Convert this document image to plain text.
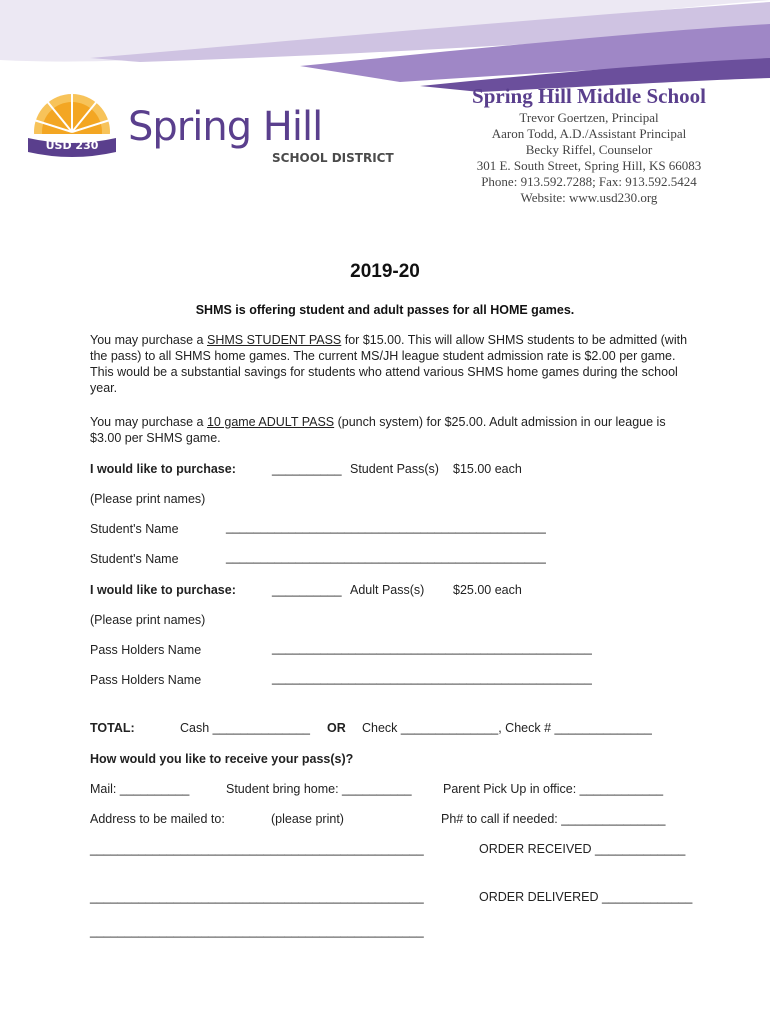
USD 230 Spring Hill
SCHOOL DISTRICT
Spring Hill Middle School
Trevor Goertzen, Principal
Aaron Todd, A.D./Assistant Principal
Becky Riffel, Counselor
301 E. South Street, Spring Hill, KS 66083
Phone: 913.592.7288; Fax: 913.592.5424
Website: www.usd230.org
2019-20
SHMS is offering student and adult passes for all HOME games.
You may purchase a SHMS STUDENT PASS for $15.00. This will allow SHMS students to be admitted (with the pass) to all SHMS home games. The current MS/JH league student admission rate is $2.00 per game. This would be a substantial savings for students who attend various SHMS home games during the school year.
You may purchase a 10 game ADULT PASS (punch system) for $25.00. Adult admission in our league is $3.00 per SHMS game.
I would like to purchase:	__________ Student Pass(s) $15.00 each
(Please print names)
Student's Name	______________________________________________
Student's Name	______________________________________________
I would like to purchase:	__________ Adult Pass(s) $25.00 each
(Please print names)
Pass Holders Name	______________________________________________
Pass Holders Name	______________________________________________
TOTAL:	Cash ______________ OR Check ______________, Check # ______________
How would you like to receive your pass(s)?
Mail: __________	Student bring home: __________	Parent Pick Up in office: ____________
Address to be mailed to:	(please print)	Ph# to call if needed: _______________
________________________________________________	ORDER RECEIVED _____________
________________________________________________	ORDER DELIVERED _____________
________________________________________________
